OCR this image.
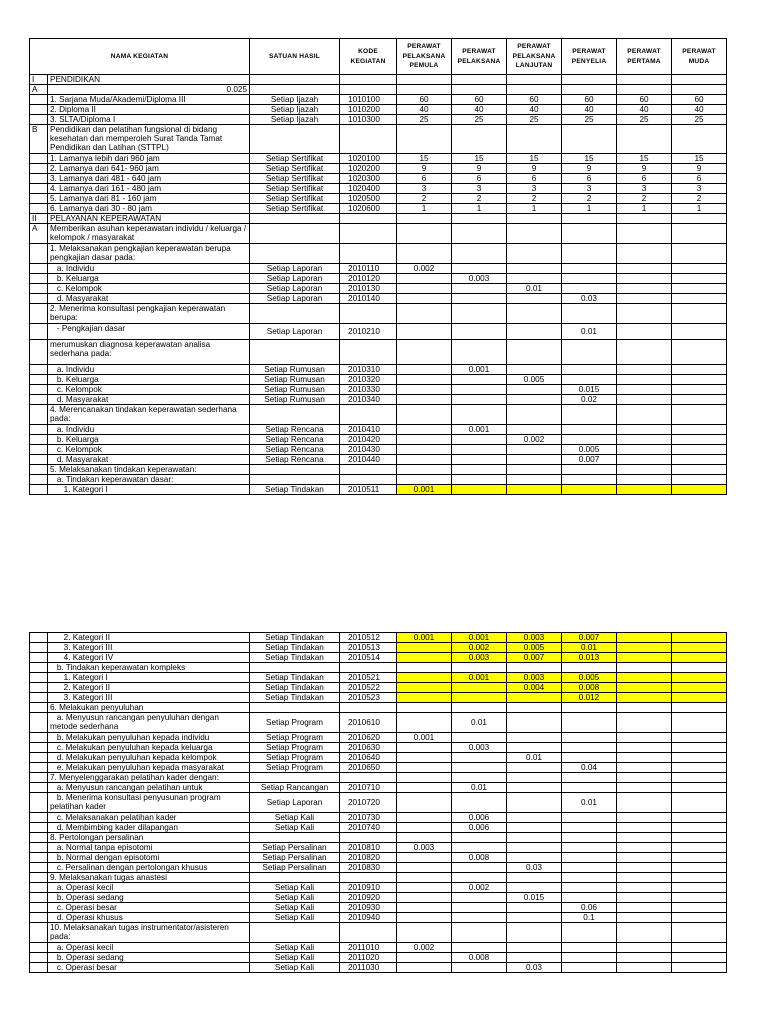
NAMA KEGIATAN		SATUAN HASIL	KODE KEGIATAN	PERAWAT PELAKSANA PEMULA	PERAWAT PELAKSANA	PERAWAT PELAKSANA LANJUTAN	PERAWAT PENYELIA	PERAWAT PERTAMA	PERAWAT MUDA
I	PENDIDIKAN								
A	0.025								
	1. Sarjana Muda/Akademi/Diploma III	Setiap Ijazah	1010100	60	60	60	60	60	60
	2. Diploma II	Setiap Ijazah	1010200	40	40	40	40	40	40
	3. SLTA/Diploma I	Setiap Ijazah	1010300	25	25	25	25	25	25
B	Pendidikan dan pelatihan fungsional di bidang kesehatan dan memperoleh Surat Tanda Tamat Pendidikan dan Latihan (STTPL)								
	1. Lamanya lebih dari 960 jam	Setiap Sertifikat	1020100	15	15	15	15	15	15
	2. Lamanya dari 641- 960 jam	Setiap Sertifikat	1020200	9	9	9	9	9	9
	3. Lamanya dari 481 - 640 jam	Setiap Sertifikat	1020300	6	6	6	6	6	6
	4. Lamanya dari 161 - 480 jam	Setiap Sertifikat	1020400	3	3	3	3	3	3
	5. Lamanya dari 81 - 160 jam	Setiap Sertifikat	1020500	2	2	2	2	2	2
	6. Lamanya dari 30 - 80 jam	Setiap Sertifikat	1020600	1	1	1	1	1	1
II	PELAYANAN KEPERAWATAN								
A	Memberikan asuhan keperawatan individu / keluarga / kelompok / masyarakat								
	1. Melaksanakan pengkajian keperawatan berupa pengkajian dasar pada:								
	a. Individu	Setiap Laporan	2010110	0.002					
	b. Keluarga	Setiap Laporan	2010120		0.003				
	c. Kelompok	Setiap Laporan	2010130			0.01			
	d. Masyarakat	Setiap Laporan	2010140				0.03		
	2. Menerima konsultasi pengkajian keperawatan berupa:								
	- Pengkajian dasar	Setiap Laporan	2010210				0.01		
	merumuskan diagnosa keperawatan analisa sederhana pada:								
	a. Individu	Setiap Rumusan	2010310		0.001				
	b. Keluarga	Setiap Rumusan	2010320			0.005			
	c. Kelompok	Setiap Rumusan	2010330				0.015		
	d. Masyarakat	Setiap Rumusan	2010340				0.02		
	4. Merencanakan tindakan keperawatan sederhana pada:								
	a. Individu	Setiap Rencana	2010410		0.001				
	b. Keluarga	Setiap Rencana	2010420			0.002			
	c. Kelompok	Setiap Rencana	2010430				0.005		
	d. Masyarakat	Setiap Rencana	2010440				0.007		
	5. Melaksanakan tindakan keperawatan:								
	a. Tindakan keperawatan dasar:								
	1. Kategori I	Setiap Tindakan	2010511	0.001					
	2. Kategori II	Setiap Tindakan	2010512	0.001	0.001	0.003	0.007		
	3. Kategori III	Setiap Tindakan	2010513		0.002	0.005	0.01		
	4. Kategori IV	Setiap Tindakan	2010514		0.003	0.007	0.013		
	b. Tindakan keperawatan kompleks								
	1. Kategori I	Setiap Tindakan	2010521		0.001	0.003	0.005		
	2. Kategori II	Setiap Tindakan	2010522			0.004	0.008		
	3. Kategori III	Setiap Tindakan	2010523				0.012		
	6. Melakukan penyuluhan								
	a. Menyusun rancangan penyuluhan dengan metode sederhana	Setiap Program	2010610		0.01				
	b. Melakukan penyuluhan kepada individu	Setiap Program	2010620	0.001					
	c. Melakukan penyuluhan kepada keluarga	Setiap Program	2010630		0.003				
	d. Melakukan penyuluhan kepada kelompok	Setiap Program	2010640			0.01			
	e. Melakukan penyuluhan kepada masyarakat	Setiap Program	2010650				0.04		
	7. Menyelenggarakan pelatihan kader dengan:								
	a. Menyusun rancangan pelatihan untuk	Setiap Rancangan	2010710		0.01				
	b. Menerima konsultasi penyusunan program pelatihan kader	Setiap Laporan	2010720				0.01		
	c. Melaksanakan pelatihan kader	Setiap Kali	2010730		0.006				
	d. Membimbing kader dilapangan	Setiap Kali	2010740		0.006				
	8. Pertolongan persalinan								
	a. Normal tanpa episotomi	Setiap Persalinan	2010810	0.003					
	b. Normal dengan episotomi	Setiap Persalinan	2010820		0.008				
	c. Persalinan dengan pertolongan khusus	Setiap Persalinan	2010830			0.03			
	9. Melaksanakan tugas anastesi								
	a. Operasi kecil	Setiap Kali	2010910		0.002				
	b. Operasi sedang	Setiap Kali	2010920			0.015			
	c. Operasi besar	Setiap Kali	2010930				0.06		
	d. Operasi khusus	Setiap Kali	2010940				0.1		
	10. Melaksanakan tugas instrumentator/asisteren pada:								
	a. Operasi kecil	Setiap Kali	2011010	0.002					
	b. Operasi sedang	Setiap Kali	2011020		0.008				
	c. Operasi besar	Setiap Kali	2011030			0.03			
